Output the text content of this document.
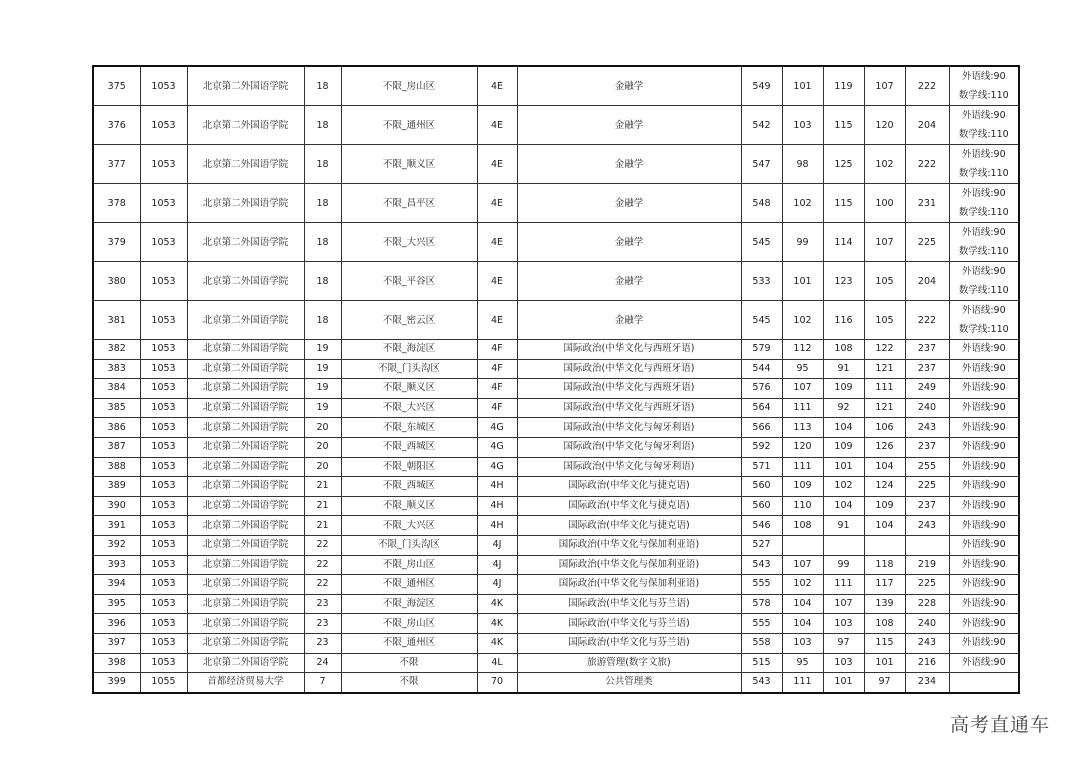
375	1053	北京第二外国语学院	18	不限_房山区	4E	金融学	549	101	119	107	222	外语线:90
数学线:110

376	1053	北京第二外国语学院	18	不限_通州区	4E	金融学	542	103	115	120	204	外语线:90
数学线:110

377	1053	北京第二外国语学院	18	不限_顺义区	4E	金融学	547	98	125	102	222	外语线:90
数学线:110

378	1053	北京第二外国语学院	18	不限_昌平区	4E	金融学	548	102	115	100	231	外语线:90
数学线:110

379	1053	北京第二外国语学院	18	不限_大兴区	4E	金融学	545	99	114	107	225	外语线:90
数学线:110

380	1053	北京第二外国语学院	18	不限_平谷区	4E	金融学	533	101	123	105	204	外语线:90
数学线:110

381	1053	北京第二外国语学院	18	不限_密云区	4E	金融学	545	102	116	105	222	外语线:90
数学线:110

382	1053	北京第二外国语学院	19	不限_海淀区	4F	国际政治(中华文化与西班牙语)	579	112	108	122	237	外语线:90

383	1053	北京第二外国语学院	19	不限_门头沟区	4F	国际政治(中华文化与西班牙语)	544	95	91	121	237	外语线:90

384	1053	北京第二外国语学院	19	不限_顺义区	4F	国际政治(中华文化与西班牙语)	576	107	109	111	249	外语线:90

385	1053	北京第二外国语学院	19	不限_大兴区	4F	国际政治(中华文化与西班牙语)	564	111	92	121	240	外语线:90

386	1053	北京第二外国语学院	20	不限_东城区	4G	国际政治(中华文化与匈牙利语)	566	113	104	106	243	外语线:90

387	1053	北京第二外国语学院	20	不限_西城区	4G	国际政治(中华文化与匈牙利语)	592	120	109	126	237	外语线:90

388	1053	北京第二外国语学院	20	不限_朝阳区	4G	国际政治(中华文化与匈牙利语)	571	111	101	104	255	外语线:90

389	1053	北京第二外国语学院	21	不限_西城区	4H	国际政治(中华文化与捷克语)	560	109	102	124	225	外语线:90

390	1053	北京第二外国语学院	21	不限_顺义区	4H	国际政治(中华文化与捷克语)	560	110	104	109	237	外语线:90

391	1053	北京第二外国语学院	21	不限_大兴区	4H	国际政治(中华文化与捷克语)	546	108	91	104	243	外语线:90

392	1053	北京第二外国语学院	22	不限_门头沟区	4J	国际政治(中华文化与保加利亚语)	527					外语线:90

393	1053	北京第二外国语学院	22	不限_房山区	4J	国际政治(中华文化与保加利亚语)	543	107	99	118	219	外语线:90

394	1053	北京第二外国语学院	22	不限_通州区	4J	国际政治(中华文化与保加利亚语)	555	102	111	117	225	外语线:90

395	1053	北京第二外国语学院	23	不限_海淀区	4K	国际政治(中华文化与芬兰语)	578	104	107	139	228	外语线:90

396	1053	北京第二外国语学院	23	不限_房山区	4K	国际政治(中华文化与芬兰语)	555	104	103	108	240	外语线:90

397	1053	北京第二外国语学院	23	不限_通州区	4K	国际政治(中华文化与芬兰语)	558	103	97	115	243	外语线:90

398	1053	北京第二外国语学院	24	不限	4L	旅游管理(数字文旅)	515	95	103	101	216	外语线:90

399	1055	首都经济贸易大学	7	不限	70	公共管理类	543	111	101	97	234	
高考直通车
